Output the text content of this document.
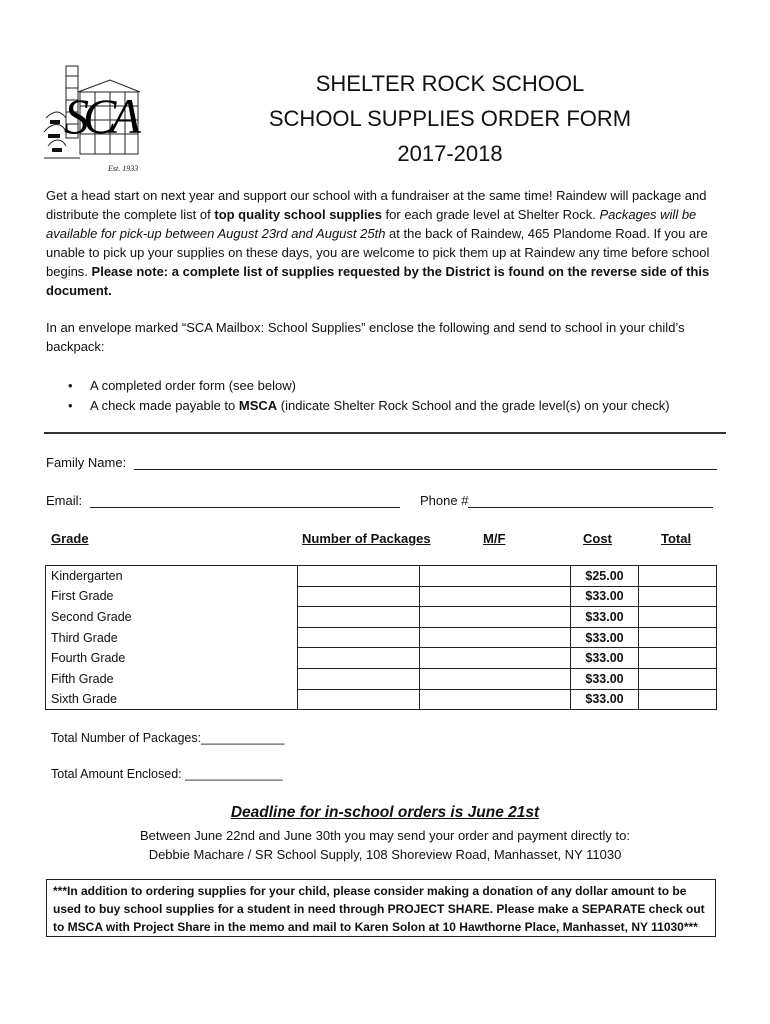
SCA
Est. 1933
SHELTER ROCK SCHOOL
SCHOOL SUPPLIES ORDER FORM
2017-2018
Get a head start on next year and support our school with a fundraiser at the same time! Raindew will package and distribute the complete list of top quality school supplies for each grade level at Shelter Rock. Packages will be available for pick-up between August 23rd and August 25th at the back of Raindew, 465 Plandome Road. If you are unable to pick up your supplies on these days, you are welcome to pick them up at Raindew any time before school begins. Please note: a complete list of supplies requested by the District is found on the reverse side of this document.
In an envelope marked “SCA Mailbox: School Supplies” enclose the following and send to school in your child’s backpack:
• A completed order form (see below)
• A check made payable to MSCA (indicate Shelter Rock School and the grade level(s) on your check)
Family Name:
Email:	Phone #
Grade	Number of Packages	M/F	Cost	Total
Kindergarten			$25.00	
First Grade			$33.00	
Second Grade			$33.00	
Third Grade			$33.00	
Fourth Grade			$33.00	
Fifth Grade			$33.00	
Sixth Grade			$33.00	
Total Number of Packages:____________
Total Amount Enclosed: ______________
Deadline for in-school orders is June 21st
Between June 22nd and June 30th you may send your order and payment directly to:
Debbie Machare / SR School Supply, 108 Shoreview Road, Manhasset, NY 11030
***In addition to ordering supplies for your child, please consider making a donation of any dollar amount to be used to buy school supplies for a student in need through PROJECT SHARE. Please make a SEPARATE check out to MSCA with Project Share in the memo and mail to Karen Solon at 10 Hawthorne Place, Manhasset, NY 11030***
